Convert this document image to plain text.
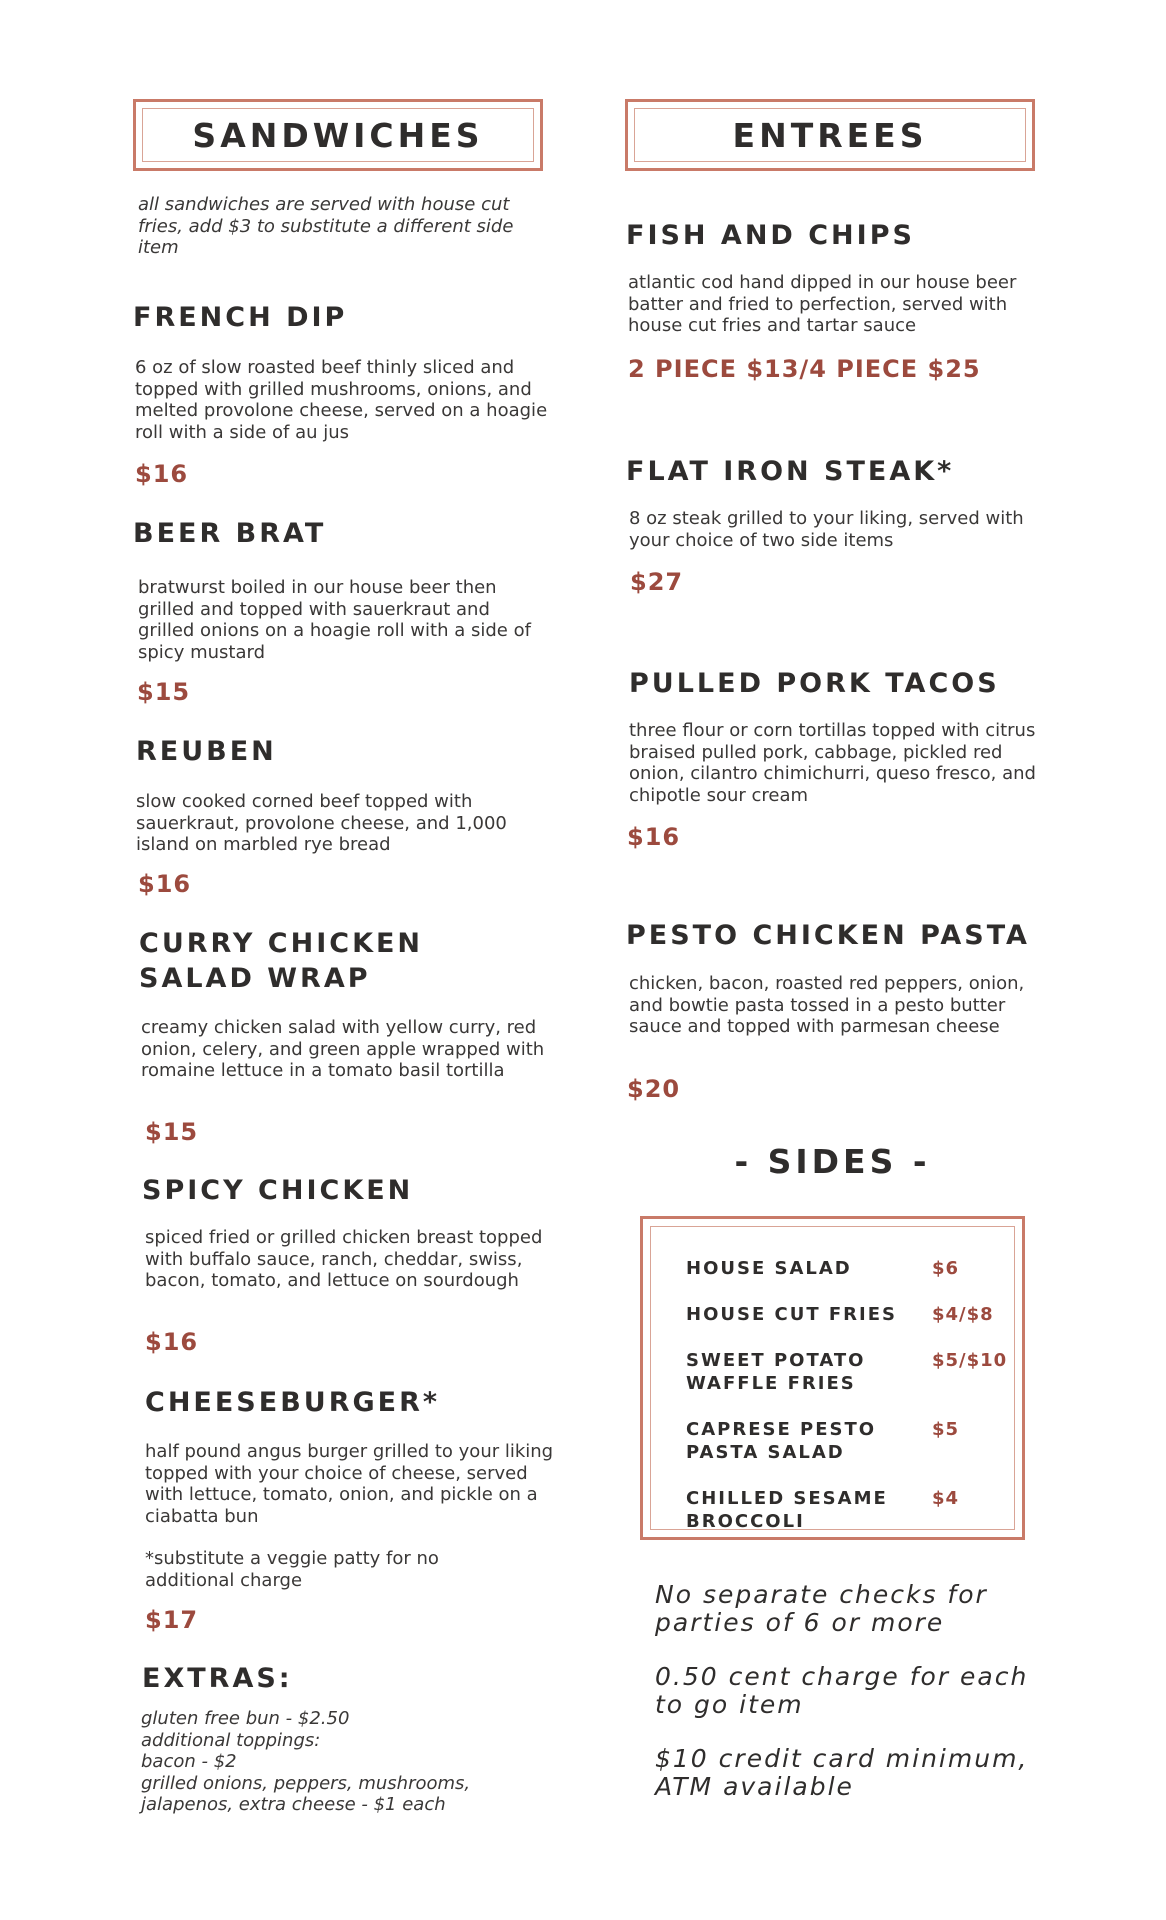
SANDWICHES
all sandwiches are served with house cut fries, add $3 to substitute a different side item
FRENCH DIP
6 oz of slow roasted beef thinly sliced and topped with grilled mushrooms, onions, and melted provolone cheese, served on a hoagie roll with a side of au jus
$16
BEER BRAT
bratwurst boiled in our house beer then grilled and topped with sauerkraut and grilled onions on a hoagie roll with a side of spicy mustard
$15
REUBEN
slow cooked corned beef topped with sauerkraut, provolone cheese, and 1,000 island on marbled rye bread
$16
CURRY CHICKEN SALAD WRAP
creamy chicken salad with yellow curry, red onion, celery, and green apple wrapped with romaine lettuce in a tomato basil tortilla
$15
SPICY CHICKEN
spiced fried or grilled chicken breast topped with buffalo sauce, ranch, cheddar, swiss, bacon, tomato, and lettuce on sourdough
$16
CHEESEBURGER*
half pound angus burger grilled to your liking topped with your choice of cheese, served with lettuce, tomato, onion, and pickle on a ciabatta bun
*substitute a veggie patty for no additional charge
$17
EXTRAS:
gluten free bun - $2.50
additional toppings:
bacon - $2
grilled onions, peppers, mushrooms,
jalapenos, extra cheese - $1 each
ENTREES
FISH AND CHIPS
atlantic cod hand dipped in our house beer batter and fried to perfection, served with house cut fries and tartar sauce
2 PIECE $13/4 PIECE $25
FLAT IRON STEAK*
8 oz steak grilled to your liking, served with your choice of two side items
$27
PULLED PORK TACOS
three flour or corn tortillas topped with citrus braised pulled pork, cabbage, pickled red onion, cilantro chimichurri, queso fresco, and chipotle sour cream
$16
PESTO CHICKEN PASTA
chicken, bacon, roasted red peppers, onion, and bowtie pasta tossed in a pesto butter sauce and topped with parmesan cheese
$20
- SIDES -
HOUSE SALAD	$6
HOUSE CUT FRIES	$4/$8
SWEET POTATO WAFFLE FRIES
$5/$10
CAPRESE PESTO PASTA SALAD
$5
CHILLED SESAME BROCCOLI
$4
No separate checks for parties of 6 or more
0.50 cent charge for each to go item
$10 credit card minimum, ATM available
